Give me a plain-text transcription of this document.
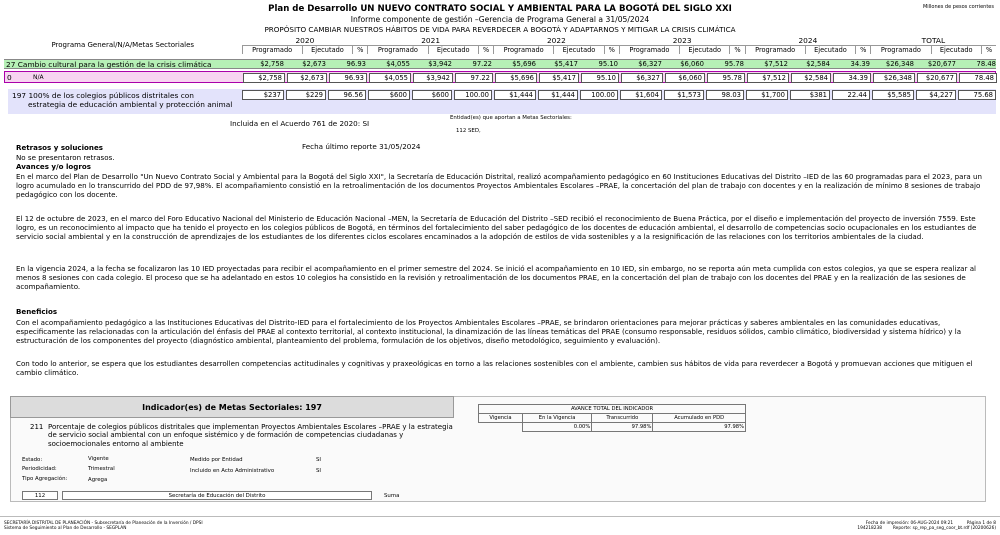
Plan de Desarrollo UN NUEVO CONTRATO SOCIAL Y AMBIENTAL PARA LA BOGOTÁ DEL SIGLO XXI
Informe componente de gestión –Gerencia de Programa General a 31/05/2024
PROPÓSITO CAMBIAR NUESTROS HÁBITOS DE VIDA PARA REVERDECER A BOGOTÁ Y ADAPTARNOS Y MITIGAR LA CRISIS CLIMÁTICA
Millones de pesos corrientes
Programa General/N/A/Metas Sectoriales	2020			2021			2022			2023			2024			TOTAL		
	Programado	Ejecutado	%	Programado	Ejecutado	%	Programado	Ejecutado	%	Programado	Ejecutado	%	Programado	Ejecutado	%	Programado	Ejecutado	%
27 Cambio cultural para la gestión de la crisis climática	$2,758	$2,673	96.93	$4,055	$3,942	97.22	$5,696	$5,417	95.10	$6,327	$6,060	95.78	$7,512	$2,584	34.39	$26,348	$20,677	78.48
0	N/A	$2,758	$2,673	96.93	$4,055	$3,942	97.22	$5,696	$5,417	95.10	$6,327	$6,060	95.78	$7,512	$2,584	34.39	$26,348	$20,677	78.48
197 100% de los colegios públicos distritales con
estrategia de educación ambiental y protección animal
$237	$229	96.56	$600	$600	100.00	$1,444	$1,444	100.00	$1,604	$1,573	98.03	$1,700	$381	22.44	$5,585	$4,227	75.68
Incluida en el Acuerdo 761 de 2020: SI
Entidad(es) que aportan a Metas Sectoriales:
112 SED,
Retrasos y soluciones	Fecha último reporte 31/05/2024
No se presentaron retrasos.
Avances y/o logros
En el marco del Plan de Desarrollo "Un Nuevo Contrato Social y Ambiental para la Bogotá del Siglo XXI", la Secretaría de Educación Distrital, realizó acompañamiento pedagógico en 60 Instituciones Educativas del Distrito –IED de las 60 programadas para el 2023, para un logro acumulado en lo transcurrido del PDD de 97,98%. El acompañamiento consistió en la retroalimentación de los documentos Proyectos Ambientales Escolares –PRAE, la concertación del plan de trabajo con docentes y en la realización de mínimo 8 sesiones de trabajo pedagógico con los docente.
El 12 de octubre de 2023, en el marco del Foro Educativo Nacional del Ministerio de Educación Nacional –MEN, la Secretaría de Educación del Distrito –SED recibió el reconocimiento de Buena Práctica, por el diseño e implementación del proyecto de inversión 7559. Este logro, es un reconocimiento al impacto que ha tenido el proyecto en los colegios públicos de Bogotá, en términos del fortalecimiento del saber pedagógico de los docentes de educación ambiental, el desarrollo de competencias socio ocupacionales en los estudiantes de servicio social ambiental y en la construcción de aprendizajes de los estudiantes de los diferentes ciclos escolares encaminados a la adopción de estilos de vida sostenibles y a la resignificación de las relaciones con los territorios ambientales de la ciudad.
En la vigencia 2024, a la fecha se focalizaron las 10 IED proyectadas para recibir el acompañamiento en el primer semestre del 2024. Se inició el acompañamiento en 10 IED, sin embargo, no se reporta aún meta cumplida con estos colegios, ya que se espera realizar al menos 8 sesiones con cada colegio. El proceso que se ha adelantado en estos 10 colegios ha consistido en la revisión y retroalimentación de los documentos PRAE, en la concertación del plan de trabajo con los docentes del PRAE y en la realización de las sesiones de acompañamiento.
Beneficios
Con el acompañamiento pedagógico a las Instituciones Educativas del Distrito-IED para el fortalecimiento de los Proyectos Ambientales Escolares –PRAE, se brindaron orientaciones para mejorar prácticas y saberes ambientales en las comunidades educativas, especificamente las relacionadas con la articulación del énfasis del PRAE al contexto territorial, al contexto institucional, la dinamización de las líneas temáticas del PRAE (consumo responsable, residuos sólidos, cambio climático, biodiversidad y sistema hídrico) y la estructuración de los componentes del proyecto (diagnóstico ambiental, planteamiento del problema, formulación de los objetivos, diseño metodológico, seguimiento y evaluación).
Con todo lo anterior, se espera que los estudiantes desarrollen competencias actitudinales y cognitivas y praxeológicas en torno a las relaciones sostenibles con el ambiente, cambien sus hábitos de vida para reverdecer a Bogotá y promuevan acciones que mitiguen el cambio climático.
Indicador(es) de Metas Sectoriales: 197
211 Porcentaje de colegios públicos distritales que implementan Proyectos Ambientales Escolares –PRAE y la estrategia de servicio social ambiental con un enfoque sistémico y de formación de competencias ciudadanas y socioemocionales entorno al ambiente
Estado:	Vigente
Periodicidad:	Trimestral
Tipo Agregación:	Agrega
Medido por Entidad	SI
Incluido en Acto Administrativo	SI
112	Secretaría de Educación del Distrito	Suma
AVANCE TOTAL DEL INDICADOR			
Vigencia	En la Vigencia	Transcurrido	Acumulado en PDD
	0.00%	97.98%	97.98%
SECRETARÍA DISTRITAL DE PLANEACIÓN - Subsecretaría de Planeación de la Inversión / DPSI
Sistema de Seguimiento al Plan de Desarrollo - SEGPLAN
Fecha de impresión: 06-AUG-2024 09:21          Página 1 de 8
194218238        Reporte: sp_rep_pa_seg_coor_bt.rdf (20200626)
